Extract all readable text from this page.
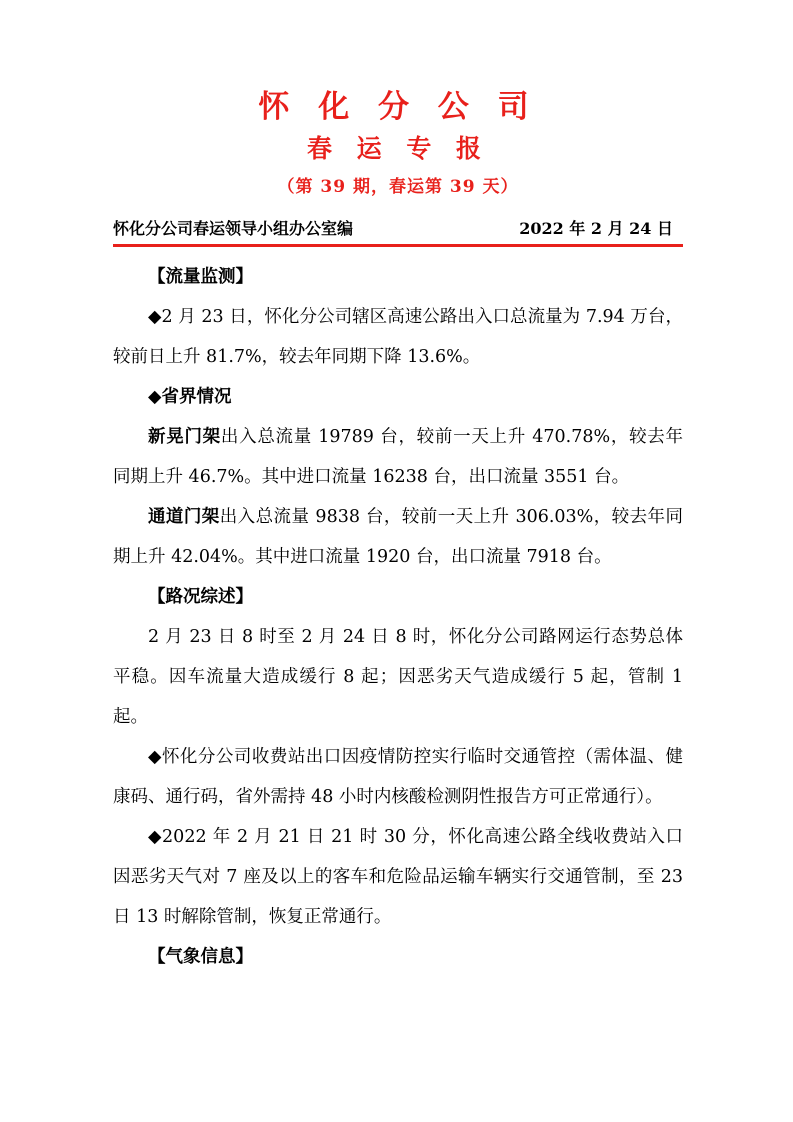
怀 化 分 公 司
春 运 专 报
（第 39 期，春运第 39 天）
怀化分公司春运领导小组办公室编	2022 年 2 月 24 日

【流量监测】

◆2 月 23 日，怀化分公司辖区高速公路出入口总流量为 7.94 万台，较前日上升 81.7%，较去年同期下降 13.6%。

◆省界情况

新晃门架出入总流量 19789 台，较前一天上升 470.78%，较去年同期上升 46.7%。其中进口流量 16238 台，出口流量 3551 台。

通道门架出入总流量 9838 台，较前一天上升 306.03%，较去年同期上升 42.04%。其中进口流量 1920 台，出口流量 7918 台。

【路况综述】

2 月 23 日 8 时至 2 月 24 日 8 时，怀化分公司路网运行态势总体平稳。因车流量大造成缓行 8 起；因恶劣天气造成缓行 5 起，管制 1 起。

◆怀化分公司收费站出口因疫情防控实行临时交通管控（需体温、健康码、通行码，省外需持 48 小时内核酸检测阴性报告方可正常通行）。

◆2022 年 2 月 21 日 21 时 30 分，怀化高速公路全线收费站入口因恶劣天气对 7 座及以上的客车和危险品运输车辆实行交通管制，至 23 日 13 时解除管制，恢复正常通行。

【气象信息】
